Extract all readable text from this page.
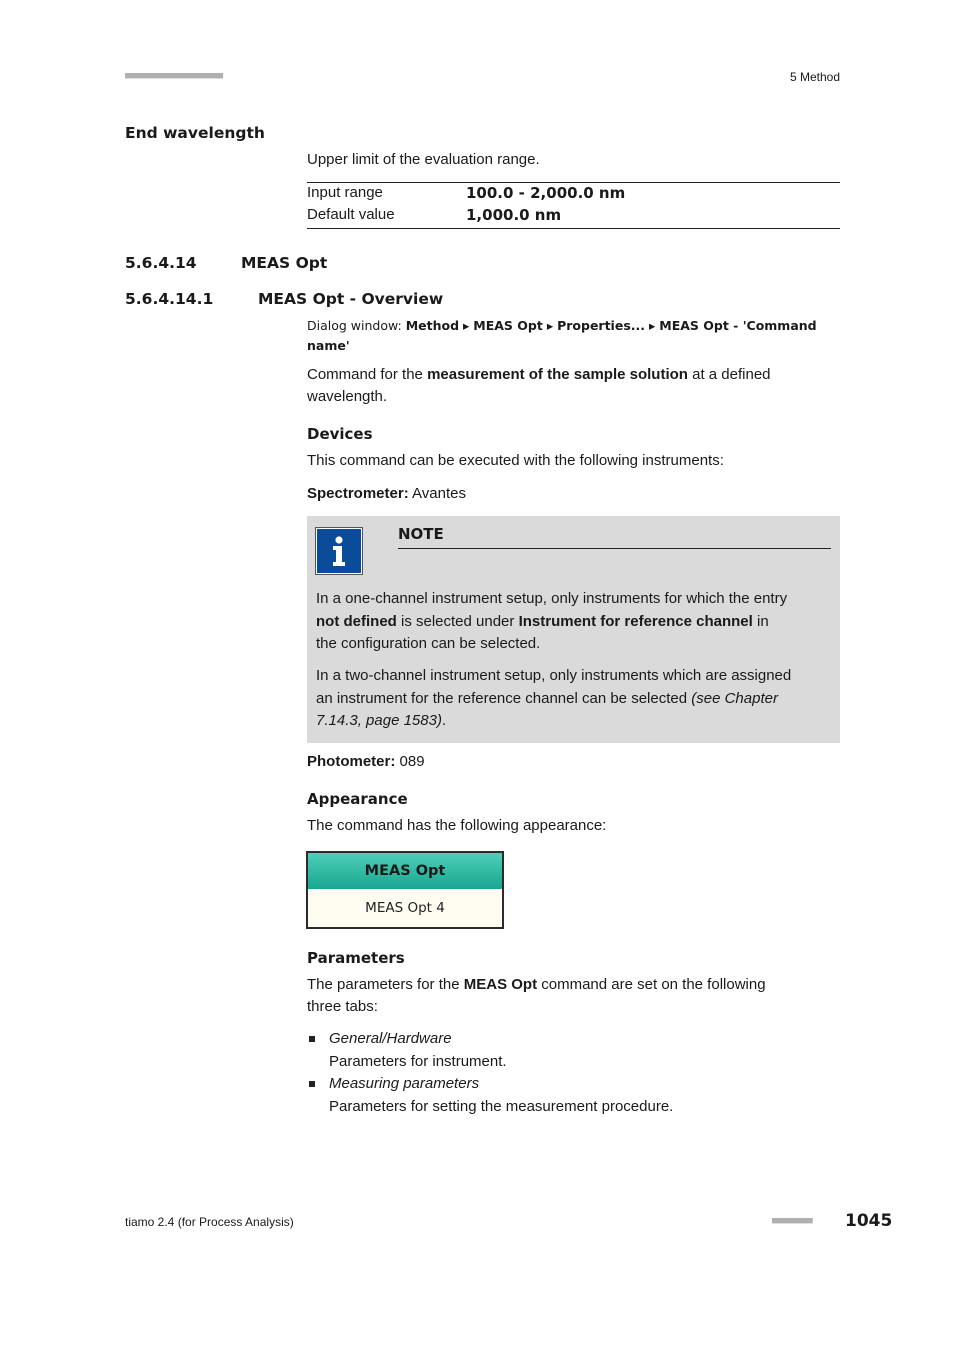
■■■■■■■■■■■■■■■■■■■■■■	5 Method
End wavelength
Upper limit of the evaluation range.
Input range	100.0 - 2,000.0 nm
Default value	1,000.0 nm
5.6.4.14	MEAS Opt
5.6.4.14.1	MEAS Opt - Overview
Dialog window: Method ▸ MEAS Opt ▸ Properties... ▸ MEAS Opt - 'Command
name'
Command for the measurement of the sample solution at a defined
wavelength.
Devices
This command can be executed with the following instruments:
Spectrometer: Avantes
NOTE
In a one-channel instrument setup, only instruments for which the entry
not defined is selected under Instrument for reference channel in
the configuration can be selected.
In a two-channel instrument setup, only instruments which are assigned
an instrument for the reference channel can be selected (see Chapter
7.14.3, page 1583).
Photometer: 089
Appearance
The command has the following appearance:
MEAS Opt
MEAS Opt 4
Parameters
The parameters for the MEAS Opt command are set on the following
three tabs:
General/Hardware
Parameters for instrument.
Measuring parameters
Parameters for setting the measurement procedure.
tiamo 2.4 (for Process Analysis)	■■■■■■■■■ 1045
